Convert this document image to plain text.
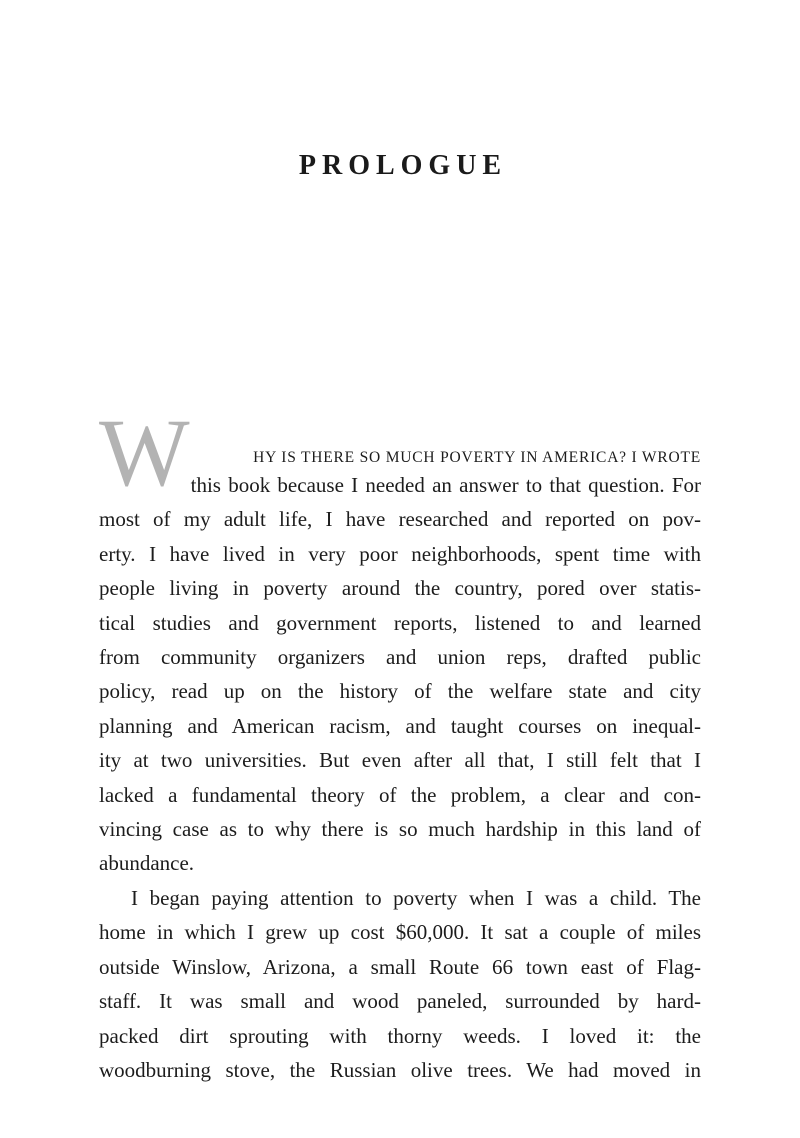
PROLOGUE
W	HY IS THERE SO MUCH POVERTY IN AMERICA? I WROTE
this book because I needed an answer to that question. For
most of my adult life, I have researched and reported on pov-
erty. I have lived in very poor neighborhoods, spent time with
people living in poverty around the country, pored over statis-
tical studies and government reports, listened to and learned
from community organizers and union reps, drafted public
policy, read up on the history of the welfare state and city
planning and American racism, and taught courses on inequal-
ity at two universities. But even after all that, I still felt that I
lacked a fundamental theory of the problem, a clear and con-
vincing case as to why there is so much hardship in this land of
abundance.
I began paying attention to poverty when I was a child. The
home in which I grew up cost $60,000. It sat a couple of miles
outside Winslow, Arizona, a small Route 66 town east of Flag-
staff. It was small and wood paneled, surrounded by hard-
packed dirt sprouting with thorny weeds. I loved it: the
woodburning stove, the Russian olive trees. We had moved in
